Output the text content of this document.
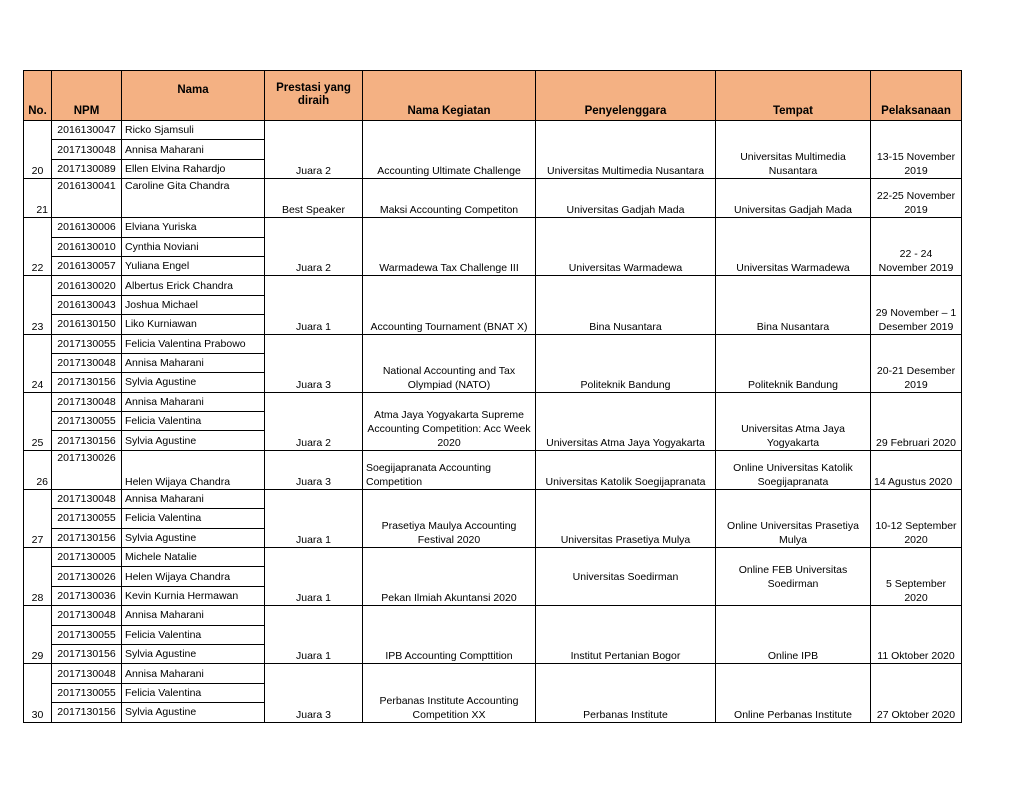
No.	NPM	Nama	Prestasi yang diraih	Nama Kegiatan	Penyelenggara	Tempat	Pelaksanaan
20	2016130047	Ricko Sjamsuli	Juara 2	Accounting Ultimate Challenge	Universitas Multimedia Nusantara	Universitas Multimedia Nusantara	13-15 November 2019
	2017130048	Annisa Maharani					
	2017130089	Ellen Elvina Rahardjo					
21	2016130041	Caroline Gita Chandra	Best Speaker	Maksi Accounting Competiton	Universitas Gadjah Mada	Universitas Gadjah Mada	22-25 November 2019
22	2016130006	Elviana Yuriska	Juara 2	Warmadewa Tax Challenge III	Universitas Warmadewa	Universitas Warmadewa	22 - 24 November 2019
	2016130010	Cynthia Noviani					
	2016130057	Yuliana Engel					
23	2016130020	Albertus Erick Chandra	Juara 1	Accounting Tournament (BNAT X)	Bina Nusantara	Bina Nusantara	29 November – 1 Desember 2019
	2016130043	Joshua Michael					
	2016130150	Liko Kurniawan					
24	2017130055	Felicia Valentina Prabowo	Juara 3	National Accounting and Tax Olympiad (NATO)	Politeknik Bandung	Politeknik Bandung	20-21 Desember 2019
	2017130048	Annisa Maharani					
	2017130156	Sylvia Agustine					
25	2017130048	Annisa Maharani	Juara 2	Atma Jaya Yogyakarta Supreme Accounting Competition: Acc Week 2020	Universitas Atma Jaya Yogyakarta	Universitas Atma Jaya Yogyakarta	29 Februari 2020
	2017130055	Felicia Valentina					
	2017130156	Sylvia Agustine					
26	2017130026	Helen Wijaya Chandra	Juara 3	Soegijapranata Accounting Competition	Universitas Katolik Soegijapranata	Online Universitas Katolik Soegijapranata	14 Agustus 2020
27	2017130048	Annisa Maharani	Juara 1	Prasetiya Maulya Accounting Festival 2020	Universitas Prasetiya Mulya	Online Universitas Prasetiya Mulya	10-12 September 2020
	2017130055	Felicia Valentina					
	2017130156	Sylvia Agustine					
28	2017130005	Michele Natalie	Juara 1	Pekan Ilmiah Akuntansi 2020	Universitas Soedirman	Online FEB Universitas Soedirman	5 September 2020
	2017130026	Helen Wijaya Chandra					
	2017130036	Kevin Kurnia Hermawan					
29	2017130048	Annisa Maharani	Juara 1	IPB Accounting Compttition	Institut Pertanian Bogor	Online IPB	11 Oktober 2020
	2017130055	Felicia Valentina					
	2017130156	Sylvia Agustine					
30	2017130048	Annisa Maharani	Juara 3	Perbanas Institute Accounting Competition XX	Perbanas Institute	Online Perbanas Institute	27 Oktober 2020
	2017130055	Felicia Valentina					
	2017130156	Sylvia Agustine					
